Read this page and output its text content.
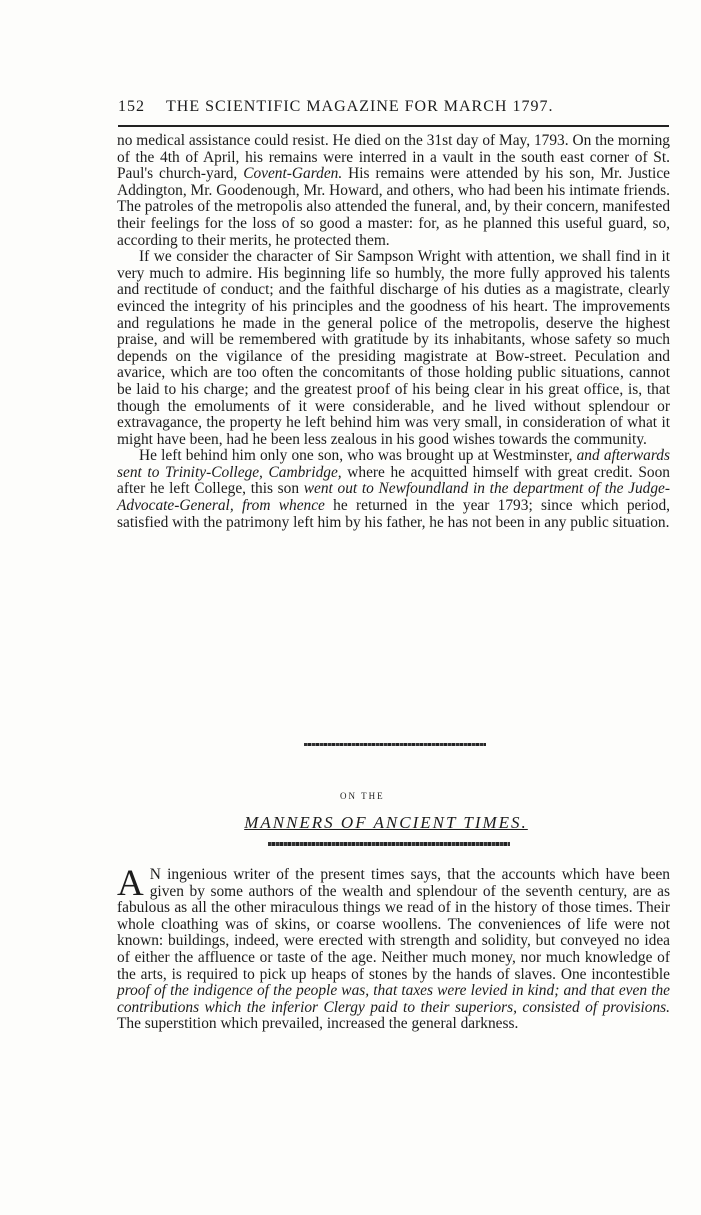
152 THE SCIENTIFIC MAGAZINE FOR MARCH 1797.

no medical assistance could resist. He died on the 31st day of May, 1793. On the morning of the 4th of April, his remains were interred in a vault in the south east corner of St. Paul's church-yard, Covent-Garden. His remains were attended by his son, Mr. Justice Addington, Mr. Goodenough, Mr. Howard, and others, who had been his intimate friends. The patroles of the metropolis also attended the funeral, and, by their concern, manifested their feelings for the loss of so good a master: for, as he planned this useful guard, so, according to their merits, he protected them.

If we consider the character of Sir Sampson Wright with attention, we shall find in it very much to admire. His beginning life so humbly, the more fully approved his talents and rectitude of conduct; and the faithful discharge of his duties as a magistrate, clearly evinced the integrity of his principles and the goodness of his heart. The improvements and regulations he made in the general police of the metropolis, deserve the highest praise, and will be remembered with gratitude by its inhabitants, whose safety so much depends on the vigilance of the presiding magistrate at Bow-street. Peculation and avarice, which are too often the concomitants of those holding public situations, cannot be laid to his charge; and the greatest proof of his being clear in his great office, is, that though the emoluments of it were considerable, and he lived without splendour or extravagance, the property he left behind him was very small, in consideration of what it might have been, had he been less zealous in his good wishes towards the community.

He left behind him only one son, who was brought up at Westminster, and afterwards sent to Trinity-College, Cambridge, where he acquitted himself with great credit. Soon after he left College, this son went out to Newfoundland in the department of the Judge-Advocate-General, from whence he returned in the year 1793; since which period, satisfied with the patrimony left him by his father, he has not been in any public situation.

ON THE
MANNERS OF ANCIENT TIMES.

A N ingenious writer of the present times says, that the accounts which have been given by some authors of the wealth and splendour of the seventh century, are as fabulous as all the other miraculous things we read of in the history of those times. Their whole cloathing was of skins, or coarse woollens. The conveniences of life were not known: buildings, indeed, were erected with strength and solidity, but conveyed no idea of either the affluence or taste of the age. Neither much money, nor much knowledge of the arts, is required to pick up heaps of stones by the hands of slaves. One incontestible proof of the indigence of the people was, that taxes were levied in kind; and that even the contributions which the inferior Clergy paid to their superiors, consisted of provisions. The superstition which prevailed, increased the general darkness.
